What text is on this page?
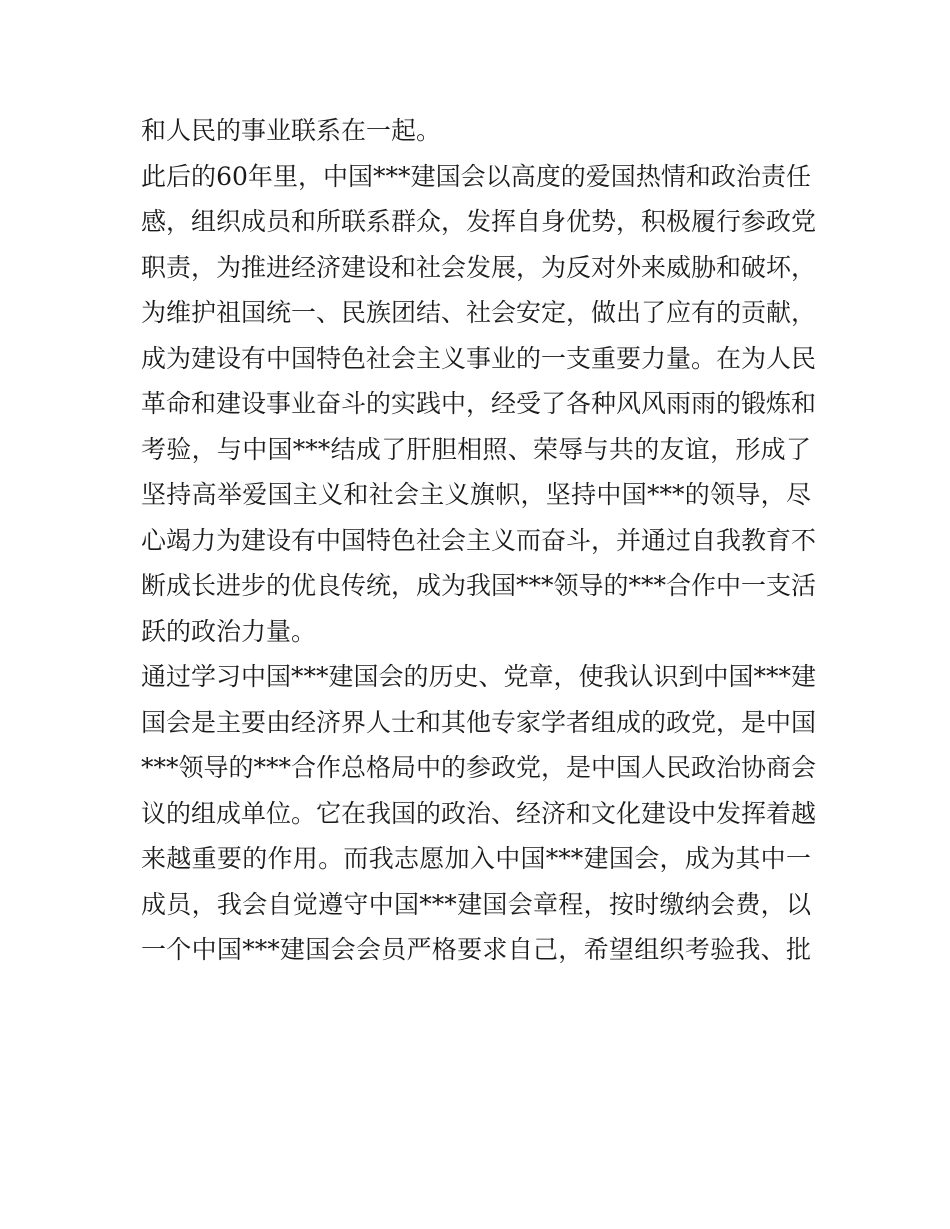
和人民的事业联系在一起。
此后的60年里，中国***建国会以高度的爱国热情和政治责任
感，组织成员和所联系群众，发挥自身优势，积极履行参政党
职责，为推进经济建设和社会发展，为反对外来威胁和破坏，
为维护祖国统一、民族团结、社会安定，做出了应有的贡献，
成为建设有中国特色社会主义事业的一支重要力量。在为人民
革命和建设事业奋斗的实践中，经受了各种风风雨雨的锻炼和
考验，与中国***结成了肝胆相照、荣辱与共的友谊，形成了
坚持高举爱国主义和社会主义旗帜，坚持中国***的领导，尽
心竭力为建设有中国特色社会主义而奋斗，并通过自我教育不
断成长进步的优良传统，成为我国***领导的***合作中一支活
跃的政治力量。
通过学习中国***建国会的历史、党章，使我认识到中国***建
国会是主要由经济界人士和其他专家学者组成的政党，是中国
***领导的***合作总格局中的参政党，是中国人民政治协商会
议的组成单位。它在我国的政治、经济和文化建设中发挥着越
来越重要的作用。而我志愿加入中国***建国会，成为其中一
成员，我会自觉遵守中国***建国会章程，按时缴纳会费，以
一个中国***建国会会员严格要求自己，希望组织考验我、批
